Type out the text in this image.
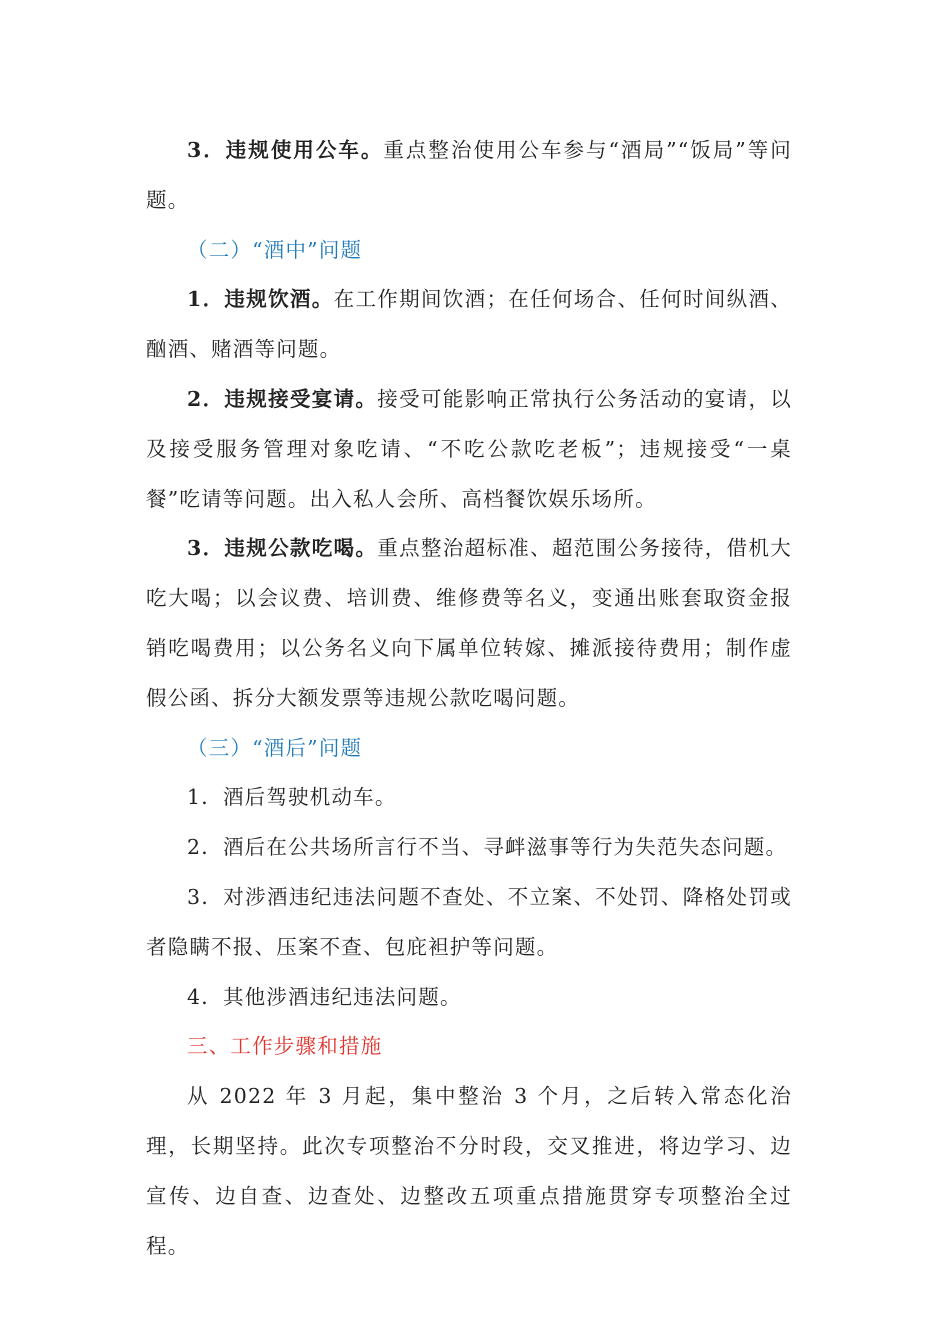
3．违规使用公车。重点整治使用公车参与“酒局”“饭局”等问题。

（二）“酒中”问题

1．违规饮酒。在工作期间饮酒；在任何场合、任何时间纵酒、酗酒、赌酒等问题。

2．违规接受宴请。接受可能影响正常执行公务活动的宴请，以及接受服务管理对象吃请、“不吃公款吃老板”；违规接受“一桌餐”吃请等问题。出入私人会所、高档餐饮娱乐场所。

3．违规公款吃喝。重点整治超标准、超范围公务接待，借机大吃大喝；以会议费、培训费、维修费等名义，变通出账套取资金报销吃喝费用；以公务名义向下属单位转嫁、摊派接待费用；制作虚假公函、拆分大额发票等违规公款吃喝问题。

（三）“酒后”问题

1．酒后驾驶机动车。

2．酒后在公共场所言行不当、寻衅滋事等行为失范失态问题。

3．对涉酒违纪违法问题不查处、不立案、不处罚、降格处罚或者隐瞒不报、压案不查、包庇袒护等问题。

4．其他涉酒违纪违法问题。

三、工作步骤和措施

从 2022 年 3 月起，集中整治 3 个月，之后转入常态化治理，长期坚持。此次专项整治不分时段，交叉推进，将边学习、边宣传、边自查、边查处、边整改五项重点措施贯穿专项整治全过程。
